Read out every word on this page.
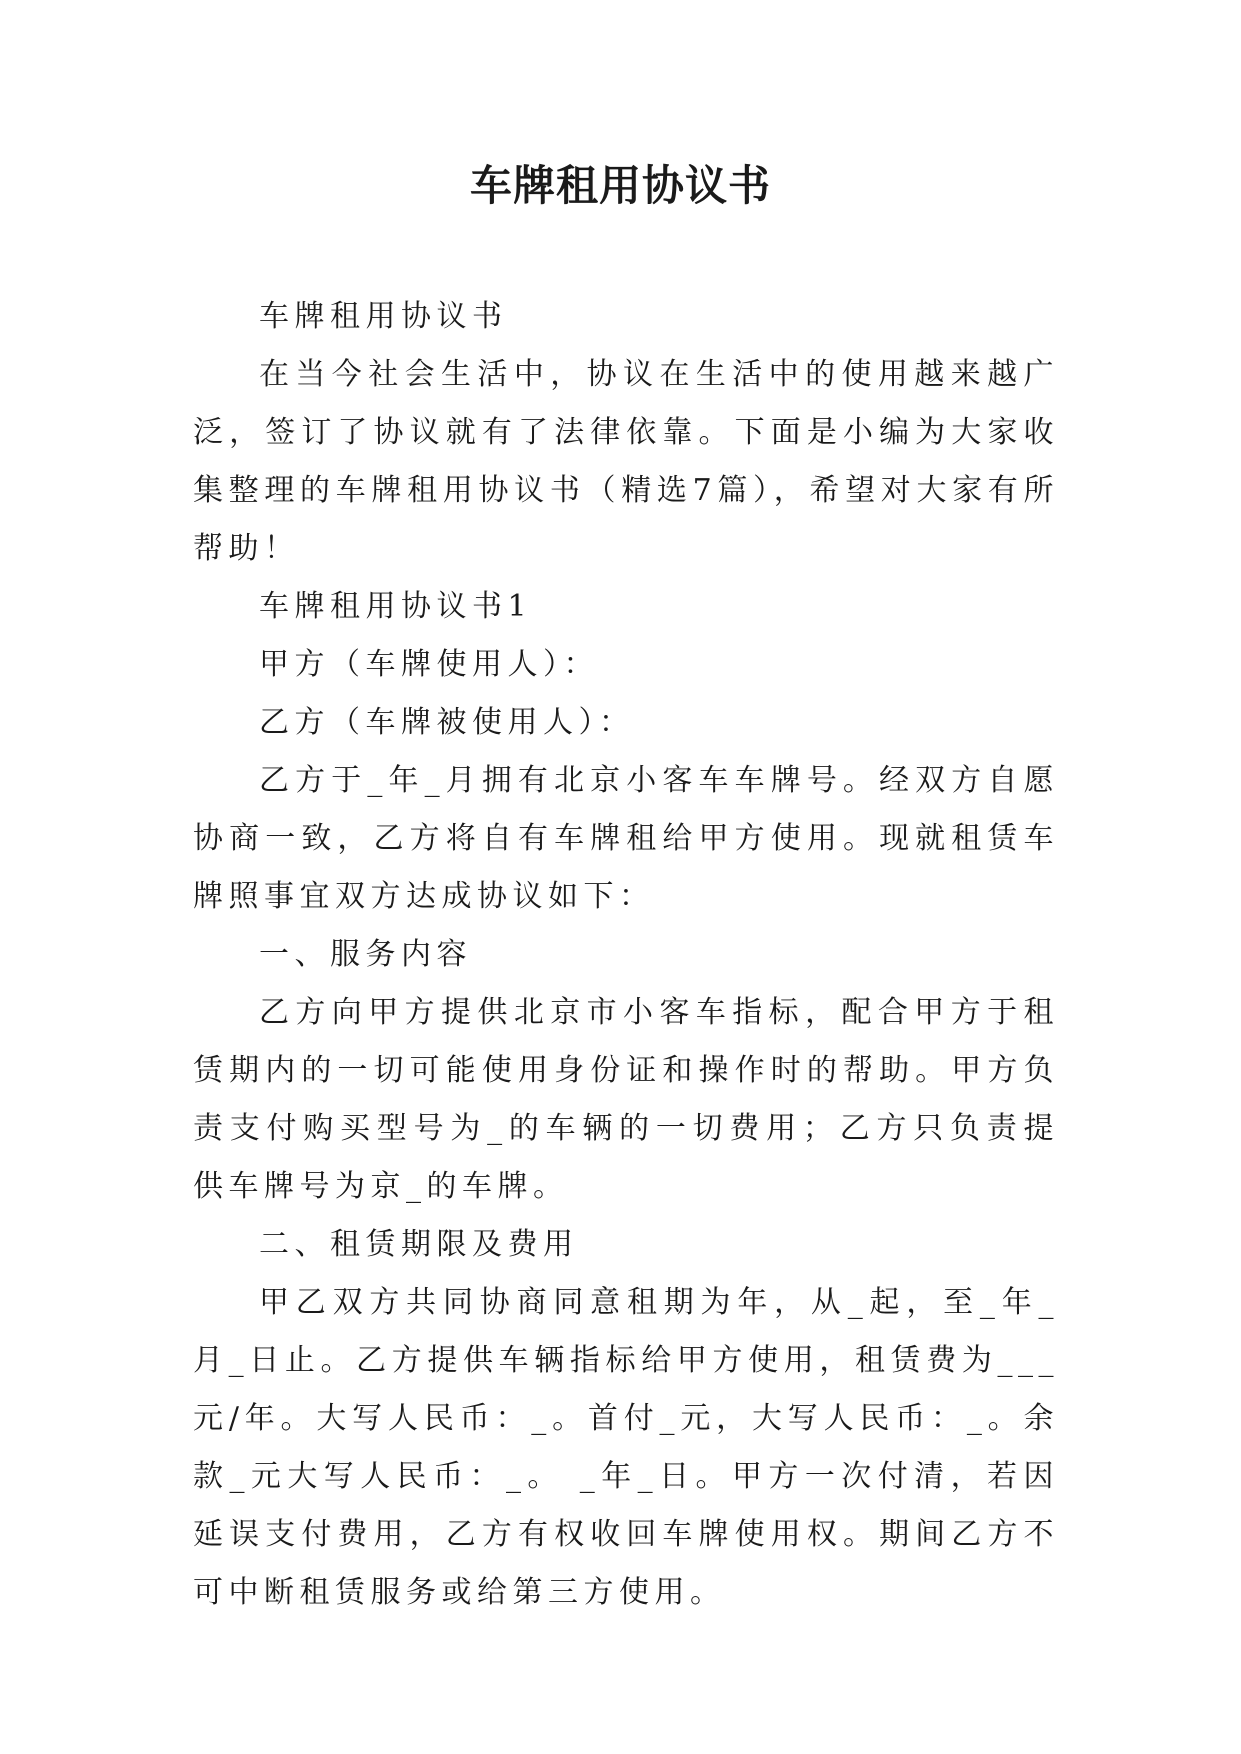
车牌租用协议书

车牌租用协议书

在当今社会生活中，协议在生活中的使用越来越广泛，签订了协议就有了法律依靠。下面是小编为大家收集整理的车牌租用协议书（精选7篇），希望对大家有所帮助！

车牌租用协议书1

甲方（车牌使用人）：

乙方（车牌被使用人）：

乙方于_年_月拥有北京小客车车牌号。经双方自愿协商一致，乙方将自有车牌租给甲方使用。现就租赁车牌照事宜双方达成协议如下：

一、服务内容

乙方向甲方提供北京市小客车指标，配合甲方于租赁期内的一切可能使用身份证和操作时的帮助。甲方负责支付购买型号为_的车辆的一切费用；乙方只负责提供车牌号为京_的车牌。

二、租赁期限及费用

甲乙双方共同协商同意租期为年，从_起，至_年_月_日止。乙方提供车辆指标给甲方使用，租赁费为___元/年。大写人民币：_。首付_元，大写人民币：_。余款_元大写人民币：_。 _年_日。甲方一次付清，若因延误支付费用，乙方有权收回车牌使用权。期间乙方不可中断租赁服务或给第三方使用。
